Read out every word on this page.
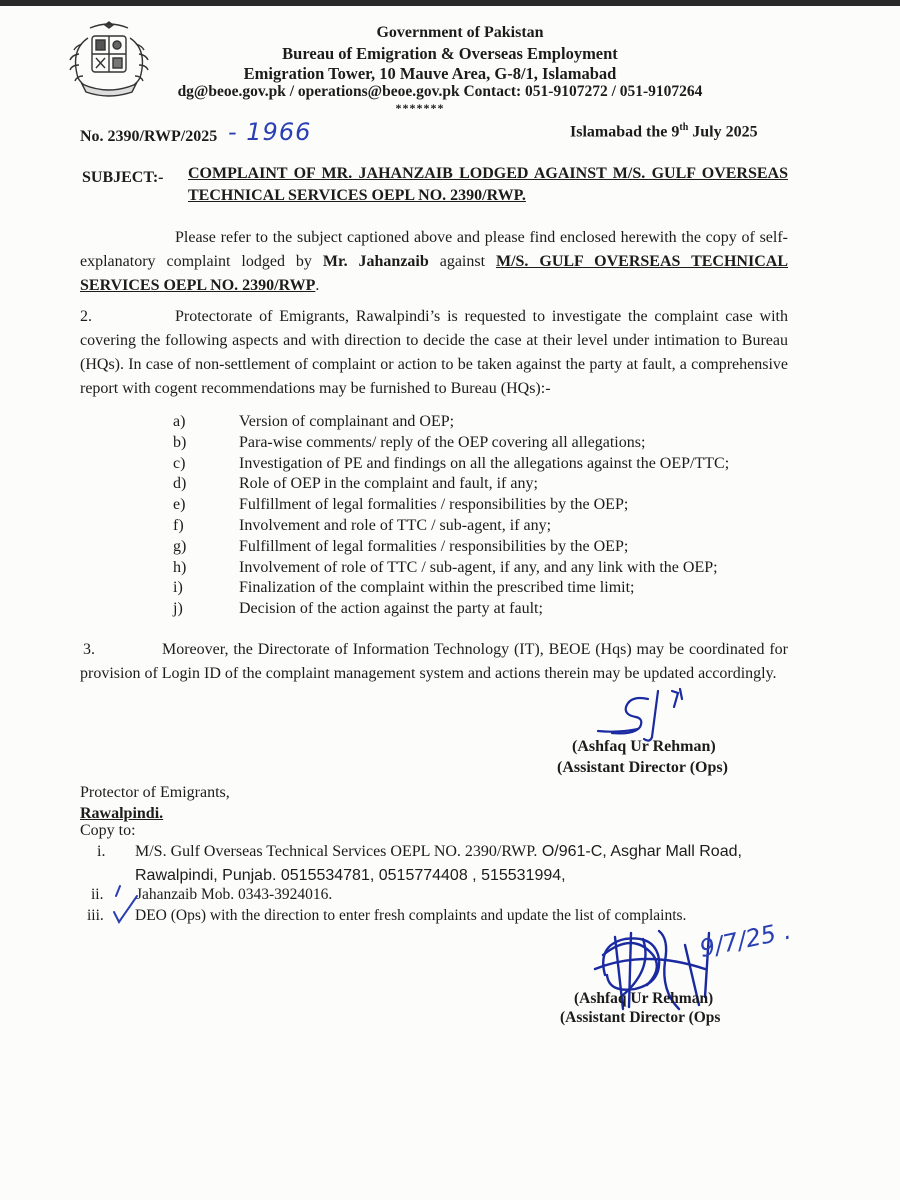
Government of Pakistan
Bureau of Emigration & Overseas Employment
Emigration Tower, 10 Mauve Area, G-8/1, Islamabad
dg@beoe.gov.pk / operations@beoe.gov.pk Contact: 051-9107272 / 051-9107264
*******
No. 2390/RWP/2025 - 1966	Islamabad the 9th July 2025
SUBJECT:- COMPLAINT OF MR. JAHANZAIB LODGED AGAINST M/S. GULF OVERSEAS TECHNICAL SERVICES OEPL NO. 2390/RWP.
Please refer to the subject captioned above and please find enclosed herewith the copy of self-explanatory complaint lodged by Mr. Jahanzaib against M/S. GULF OVERSEAS TECHNICAL SERVICES OEPL NO. 2390/RWP.
2.	Protectorate of Emigrants, Rawalpindi’s is requested to investigate the complaint case with covering the following aspects and with direction to decide the case at their level under intimation to Bureau (HQs). In case of non-settlement of complaint or action to be taken against the party at fault, a comprehensive report with cogent recommendations may be furnished to Bureau (HQs):-
a)	Version of complainant and OEP;
b)	Para-wise comments/ reply of the OEP covering all allegations;
c)	Investigation of PE and findings on all the allegations against the OEP/TTC;
d)	Role of OEP in the complaint and fault, if any;
e)	Fulfillment of legal formalities / responsibilities by the OEP;
f)	Involvement and role of TTC / sub-agent, if any;
g)	Fulfillment of legal formalities / responsibilities by the OEP;
h)	Involvement of role of TTC / sub-agent, if any, and any link with the OEP;
i)	Finalization of the complaint within the prescribed time limit;
j)	Decision of the action against the party at fault;
3.	Moreover, the Directorate of Information Technology (IT), BEOE (Hqs) may be coordinated for provision of Login ID of the complaint management system and actions therein may be updated accordingly.
(Ashfaq Ur Rehman)
(Assistant Director (Ops)
Protector of Emigrants,
Rawalpindi.
Copy to:
i. M/S. Gulf Overseas Technical Services OEPL NO. 2390/RWP. O/961-C, Asghar Mall Road, Rawalpindi, Punjab. 0515534781, 0515774408 , 515531994,
ii. Jahanzaib Mob. 0343-3924016.
iii. DEO (Ops) with the direction to enter fresh complaints and update the list of complaints.
9/7/25 .
(Ashfaq Ur Rehman)
(Assistant Director (Ops
